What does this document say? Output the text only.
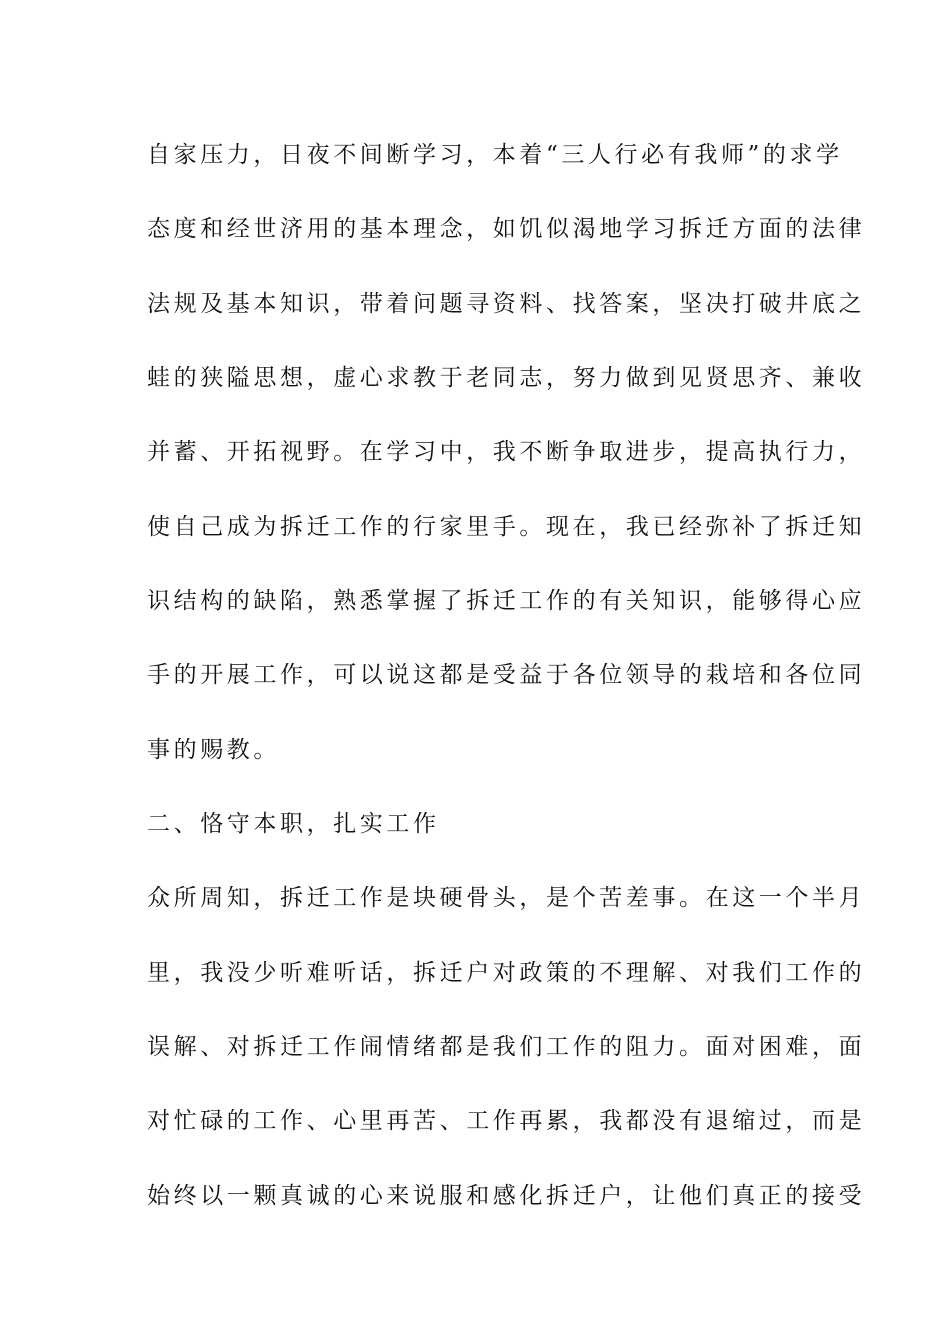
自家压力，日夜不间断学习，本着“三人行必有我师”的求学
态度和经世济用的基本理念，如饥似渴地学习拆迁方面的法律
法规及基本知识，带着问题寻资料、找答案，坚决打破井底之
蛙的狭隘思想，虚心求教于老同志，努力做到见贤思齐、兼收
并蓄、开拓视野。在学习中，我不断争取进步，提高执行力，
使自己成为拆迁工作的行家里手。现在，我已经弥补了拆迁知
识结构的缺陷，熟悉掌握了拆迁工作的有关知识，能够得心应
手的开展工作，可以说这都是受益于各位领导的栽培和各位同
事的赐教。
二、恪守本职，扎实工作
众所周知，拆迁工作是块硬骨头，是个苦差事。在这一个半月
里，我没少听难听话，拆迁户对政策的不理解、对我们工作的
误解、对拆迁工作闹情绪都是我们工作的阻力。面对困难，面
对忙碌的工作、心里再苦、工作再累，我都没有退缩过，而是
始终以一颗真诚的心来说服和感化拆迁户，让他们真正的接受
